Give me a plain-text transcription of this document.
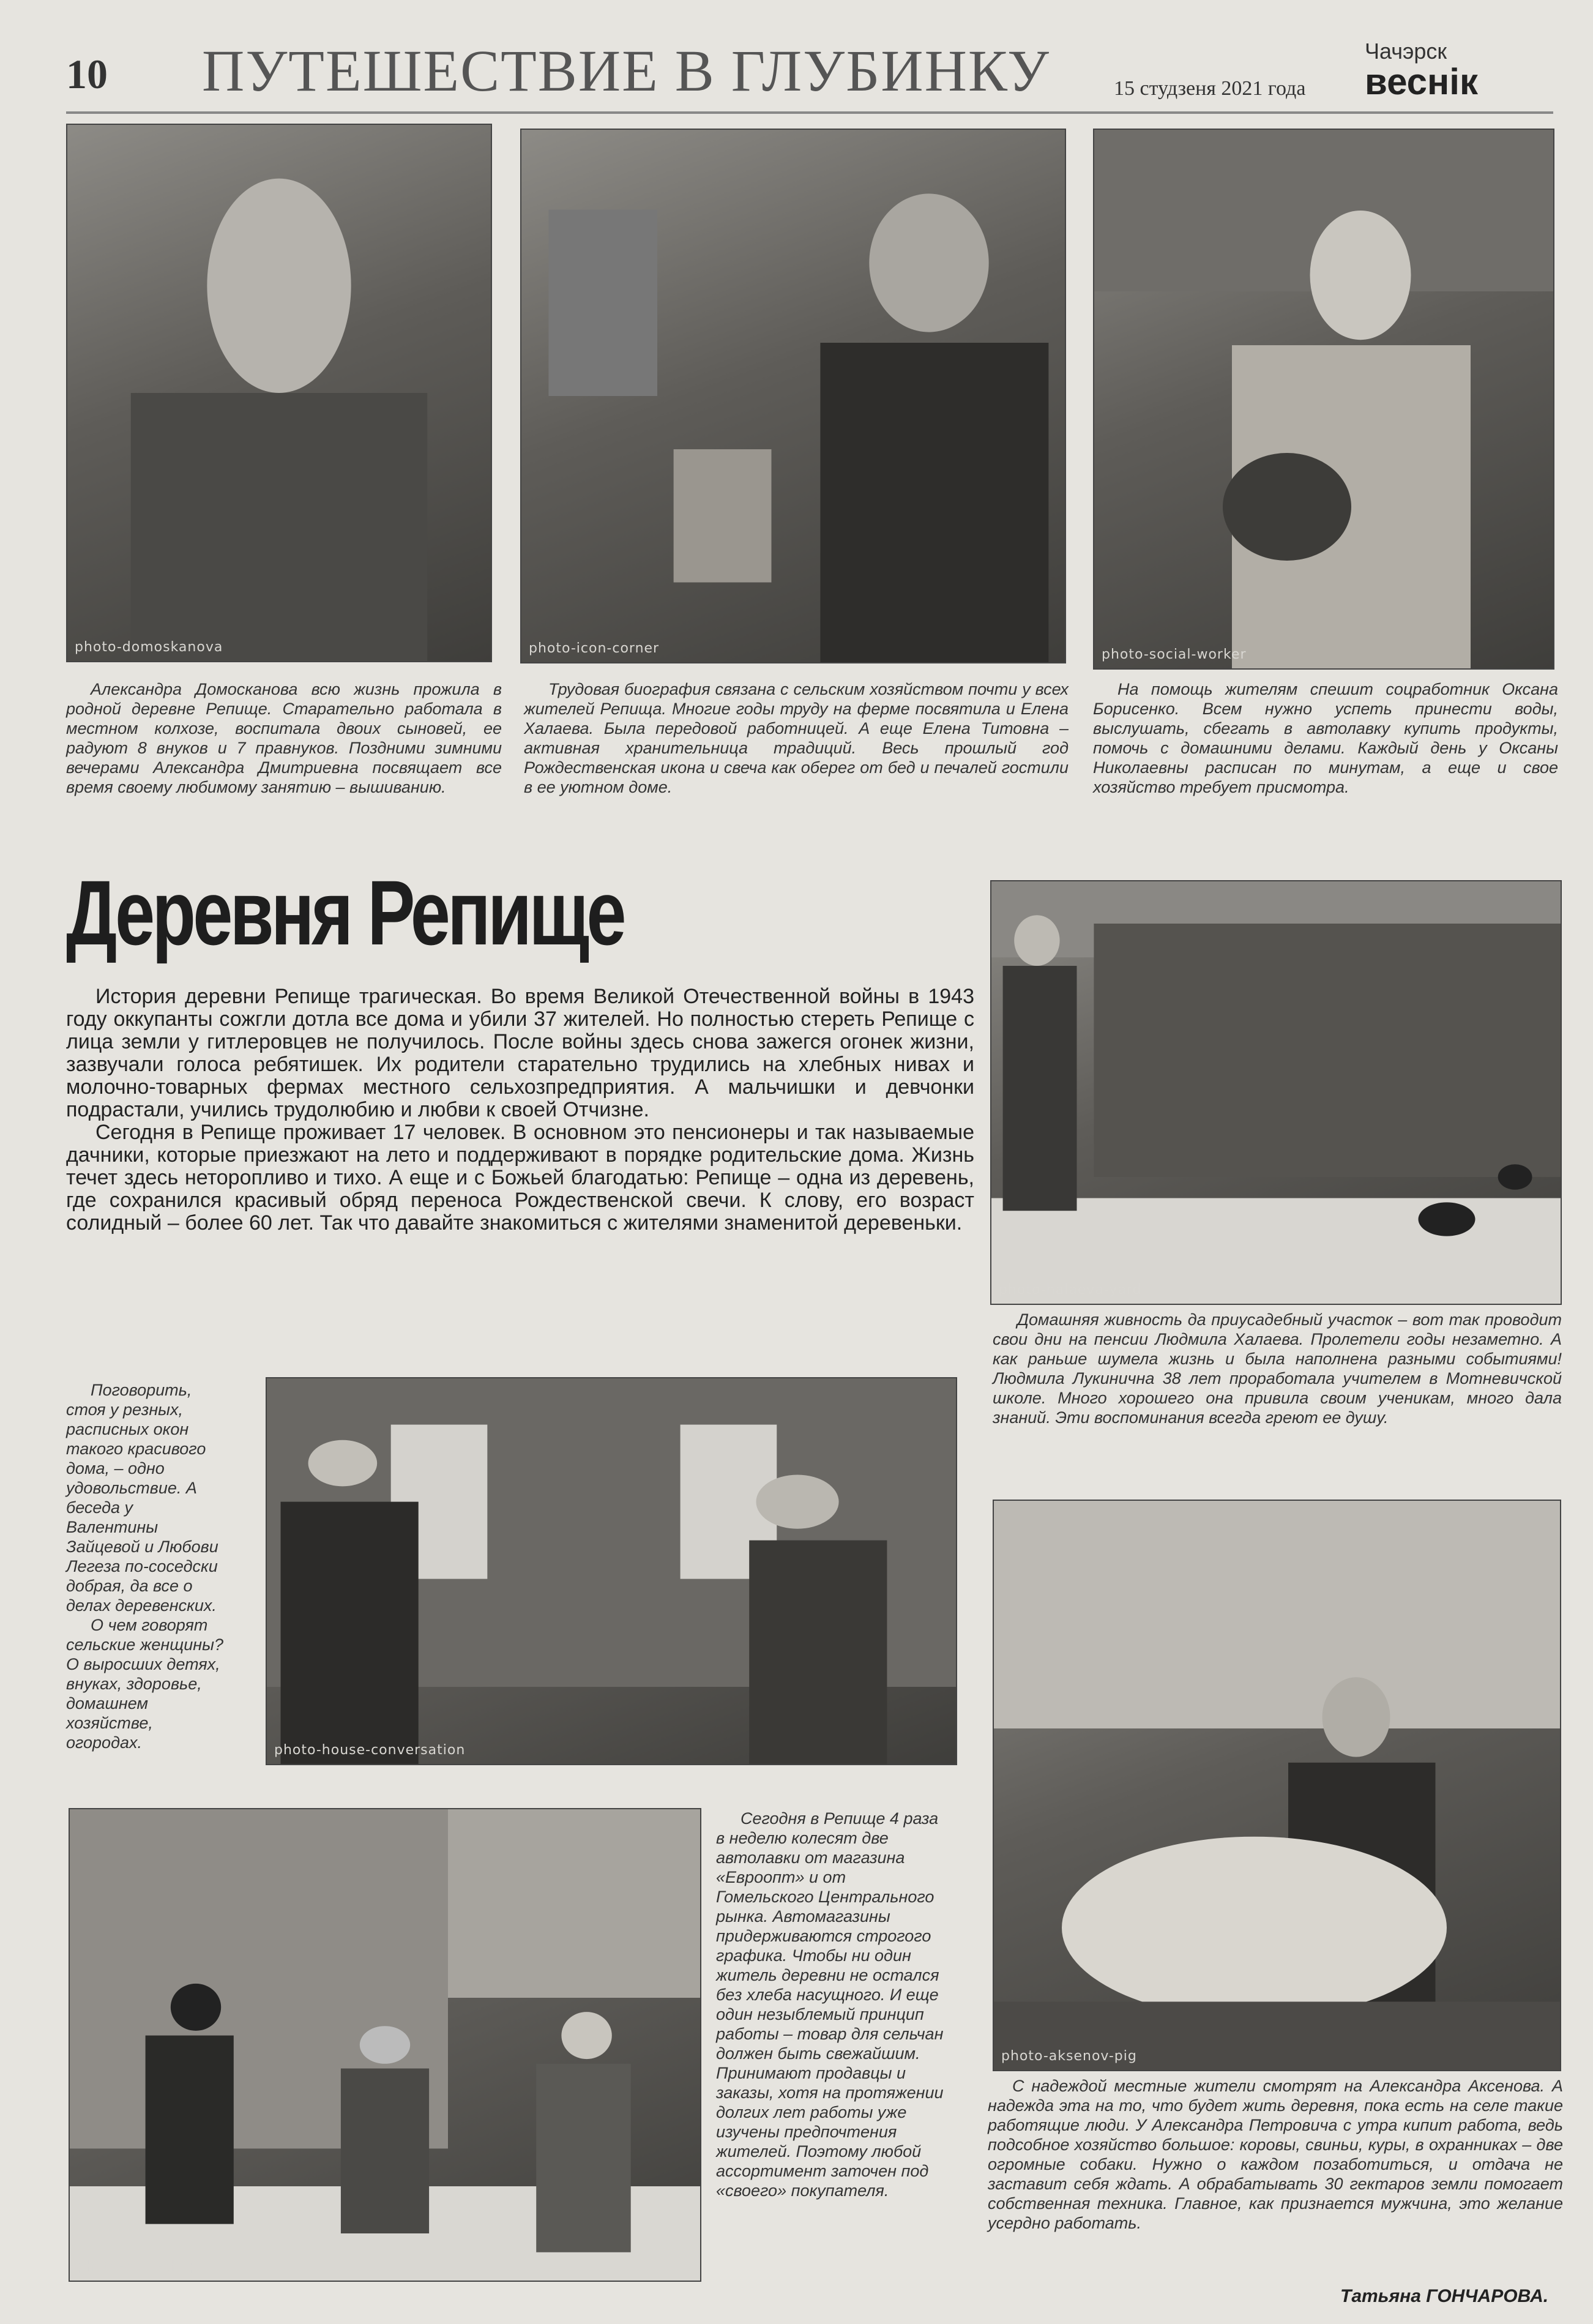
10 ПУТЕШЕСТВИЕ В ГЛУБИНКУ	15 студзеня 2021 года
Чачэрск
веснік
photo-domoskanova	photo-icon-corner	photo-social-worker

Александра Домосканова всю жизнь прожила в родной деревне Репище. Старательно работала в местном колхозе, воспитала двоих сыновей, ее радуют 8 внуков и 7 правнуков. Поздними зимними вечерами Александра Дмитриевна посвящает все время своему любимому занятию – вышиванию.

Трудовая биография связана с сельским хозяйством почти у всех жителей Репища. Многие годы труду на ферме посвятила и Елена Халаева. Была передовой работницей. А еще Елена Титовна – активная хранительница традиций. Весь прошлый год Рождественская икона и свеча как оберег от бед и печалей гостили в ее уютном доме.

На помощь жителям спешит соцработник Оксана Борисенко. Всем нужно успеть принести воды, выслушать, сбегать в автолавку купить продукты, помочь с домашними делами. Каждый день у Оксаны Николаевны расписан по минутам, а еще и свое хозяйство требует присмотра.

Деревня Репище

История деревни Репище трагическая. Во время Великой Отечественной войны в 1943 году оккупанты сожгли дотла все дома и убили 37 жителей. Но полностью стереть Репище с лица земли у гитлеровцев не получилось. После войны здесь снова зажегся огонек жизни, зазвучали голоса ребятишек. Их родители старательно трудились на хлебных нивах и молочно-товарных фермах местного сельхозпредприятия. А мальчишки и девчонки подрастали, учились трудолюбию и любви к своей Отчизне.

Сегодня в Репище проживает 17 человек. В основном это пенсионеры и так называемые дачники, которые приезжают на лето и поддерживают в порядке родительские дома. Жизнь течет здесь неторопливо и тихо. А еще и с Божьей благодатью: Репище – одна из деревень, где сохранился красивый обряд переноса Рождественской свечи. К слову, его возраст солидный – более 60 лет. Так что давайте знакомиться с жителями знаменитой деревеньки.

photo-halaeva-yard

Домашняя живность да приусадебный участок – вот так проводит свои дни на пенсии Людмила Халаева. Пролетели годы незаметно. А как раньше шумела жизнь и была наполнена разными событиями! Людмила Лукинична 38 лет проработала учителем в Мотневичской школе. Много хорошего она привила своим ученикам, много дала знаний. Эти воспоминания всегда греют ее душу.

Поговорить, стоя у резных, расписных окон такого красивого дома, – одно удовольствие. А беседа у Валентины Зайцевой и Любови Легеза по-соседски добрая, да все о делах деревенских.

О чем говорят сельские женщины? О выросших детях, внуках, здоровье, домашнем хозяйстве, огородах.	photo-house-conversation
photo-auto-shop

Сегодня в Репище 4 раза в неделю колесят две автолавки от магазина «Евроопт» и от Гомельского Центрального рынка. Автомагазины придерживаются строгого графика. Чтобы ни один житель деревни не остался без хлеба насущного. И еще один незыблемый принцип работы – товар для сельчан должен быть свежайшим. Принимают продавцы и заказы, хотя на протяжении долгих лет работы уже изучены предпочтения жителей. Поэтому любой ассортимент заточен под «своего» покупателя.

photo-aksenov-pig

С надеждой местные жители смотрят на Александра Аксенова. А надежда эта на то, что будет жить деревня, пока есть на селе такие работящие люди. У Александра Петровича с утра кипит работа, ведь подсобное хозяйство большое: коровы, свиньи, куры, в охранниках – две огромные собаки. Нужно о каждом позаботиться, и отдача не заставит себя ждать. А обрабатывать 30 гектаров земли помогает собственная техника. Главное, как признается мужчина, это желание усердно работать.

Татьяна ГОНЧАРОВА.
